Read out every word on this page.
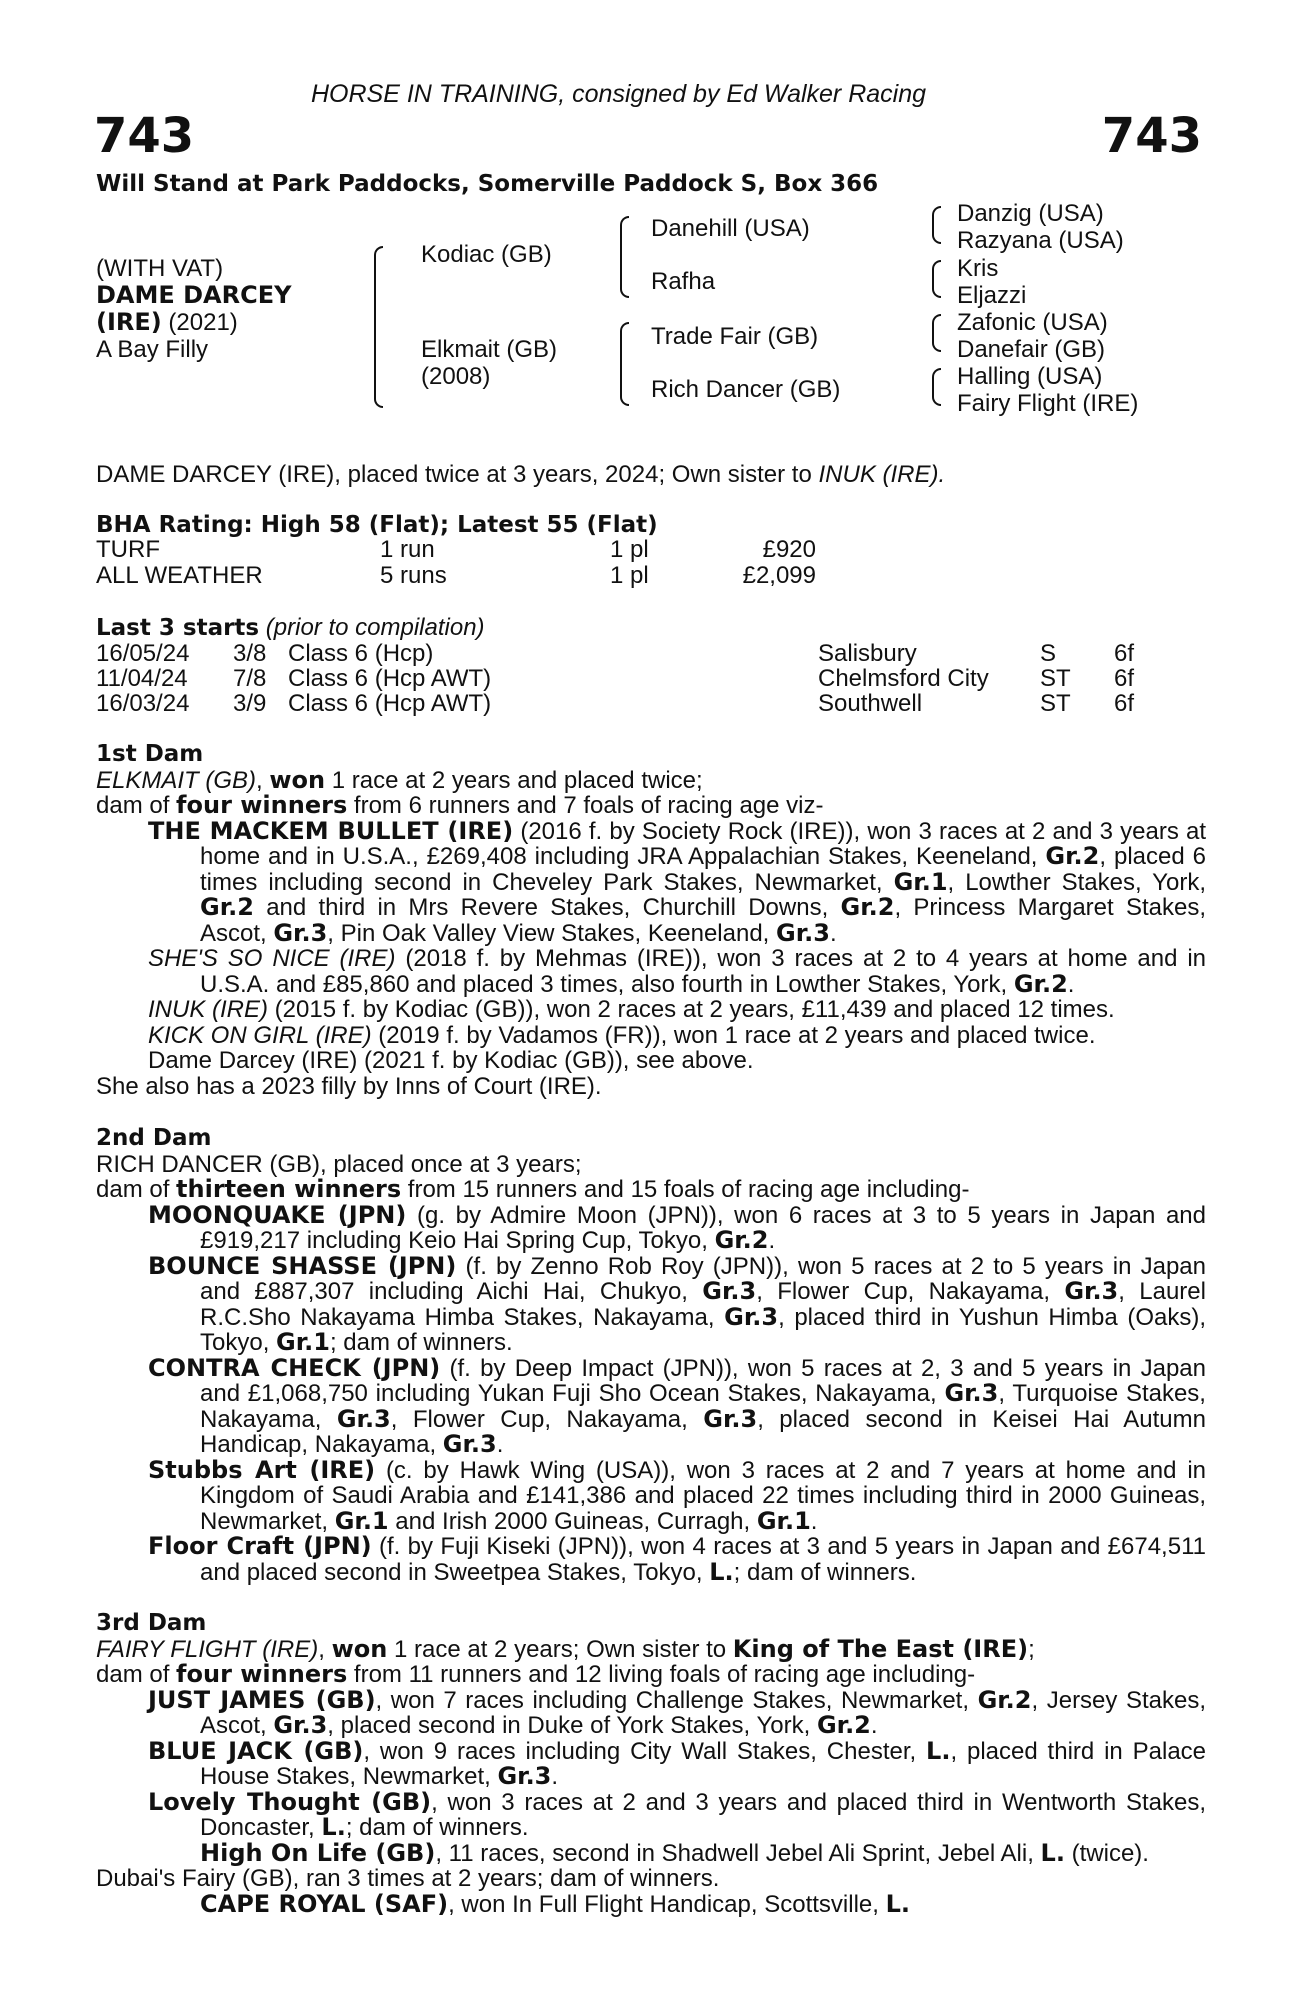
HORSE IN TRAINING, consigned by Ed Walker Racing
743	743
Will Stand at Park Paddocks, Somerville Paddock S, Box 366
(WITH VAT)
DAME DARCEY
(IRE) (2021)
A Bay Filly
Kodiac (GB)
Elkmait (GB)
(2008)
Danehill (USA)
Rafha
Trade Fair (GB)
Rich Dancer (GB)
Danzig (USA)
Razyana (USA)
Kris
Eljazzi
Zafonic (USA)
Danefair (GB)
Halling (USA)
Fairy Flight (IRE)
DAME DARCEY (IRE), placed twice at 3 years, 2024; Own sister to INUK (IRE).
BHA Rating: High 58 (Flat); Latest 55 (Flat)
TURF	1 run	1 pl	£920
ALL WEATHER	5 runs	1 pl	£2,099
Last 3 starts (prior to compilation)
16/05/24 3/8 Class 6 (Hcp)	Salisbury	S 6f
11/04/24 7/8 Class 6 (Hcp AWT)	Chelmsford City ST 6f
16/03/24 3/9 Class 6 (Hcp AWT)	Southwell	ST 6f
1st Dam
ELKMAIT (GB), won 1 race at 2 years and placed twice;
dam of four winners from 6 runners and 7 foals of racing age viz-
THE MACKEM BULLET (IRE) (2016 f. by Society Rock (IRE)), won 3 races at 2 and 3 years at home and in U.S.A., £269,408 including JRA Appalachian Stakes, Keeneland, Gr.2, placed 6 times including second in Cheveley Park Stakes, Newmarket, Gr.1, Lowther Stakes, York, Gr.2 and third in Mrs Revere Stakes, Churchill Downs, Gr.2, Princess Margaret Stakes, Ascot, Gr.3, Pin Oak Valley View Stakes, Keeneland, Gr.3.
SHE'S SO NICE (IRE) (2018 f. by Mehmas (IRE)), won 3 races at 2 to 4 years at home and in U.S.A. and £85,860 and placed 3 times, also fourth in Lowther Stakes, York, Gr.2.
INUK (IRE) (2015 f. by Kodiac (GB)), won 2 races at 2 years, £11,439 and placed 12 times.
KICK ON GIRL (IRE) (2019 f. by Vadamos (FR)), won 1 race at 2 years and placed twice.
Dame Darcey (IRE) (2021 f. by Kodiac (GB)), see above.
She also has a 2023 filly by Inns of Court (IRE).
2nd Dam
RICH DANCER (GB), placed once at 3 years;
dam of thirteen winners from 15 runners and 15 foals of racing age including-
MOONQUAKE (JPN) (g. by Admire Moon (JPN)), won 6 races at 3 to 5 years in Japan and £919,217 including Keio Hai Spring Cup, Tokyo, Gr.2.
BOUNCE SHASSE (JPN) (f. by Zenno Rob Roy (JPN)), won 5 races at 2 to 5 years in Japan and £887,307 including Aichi Hai, Chukyo, Gr.3, Flower Cup, Nakayama, Gr.3, Laurel R.C.Sho Nakayama Himba Stakes, Nakayama, Gr.3, placed third in Yushun Himba (Oaks), Tokyo, Gr.1; dam of winners.
CONTRA CHECK (JPN) (f. by Deep Impact (JPN)), won 5 races at 2, 3 and 5 years in Japan and £1,068,750 including Yukan Fuji Sho Ocean Stakes, Nakayama, Gr.3, Turquoise Stakes, Nakayama, Gr.3, Flower Cup, Nakayama, Gr.3, placed second in Keisei Hai Autumn Handicap, Nakayama, Gr.3.
Stubbs Art (IRE) (c. by Hawk Wing (USA)), won 3 races at 2 and 7 years at home and in Kingdom of Saudi Arabia and £141,386 and placed 22 times including third in 2000 Guineas, Newmarket, Gr.1 and Irish 2000 Guineas, Curragh, Gr.1.
Floor Craft (JPN) (f. by Fuji Kiseki (JPN)), won 4 races at 3 and 5 years in Japan and £674,511 and placed second in Sweetpea Stakes, Tokyo, L.; dam of winners.
3rd Dam
FAIRY FLIGHT (IRE), won 1 race at 2 years; Own sister to King of The East (IRE);
dam of four winners from 11 runners and 12 living foals of racing age including-
JUST JAMES (GB), won 7 races including Challenge Stakes, Newmarket, Gr.2, Jersey Stakes, Ascot, Gr.3, placed second in Duke of York Stakes, York, Gr.2.
BLUE JACK (GB), won 9 races including City Wall Stakes, Chester, L., placed third in Palace House Stakes, Newmarket, Gr.3.
Lovely Thought (GB), won 3 races at 2 and 3 years and placed third in Wentworth Stakes, Doncaster, L.; dam of winners.
High On Life (GB), 11 races, second in Shadwell Jebel Ali Sprint, Jebel Ali, L. (twice).
Dubai's Fairy (GB), ran 3 times at 2 years; dam of winners.
CAPE ROYAL (SAF), won In Full Flight Handicap, Scottsville, L.
